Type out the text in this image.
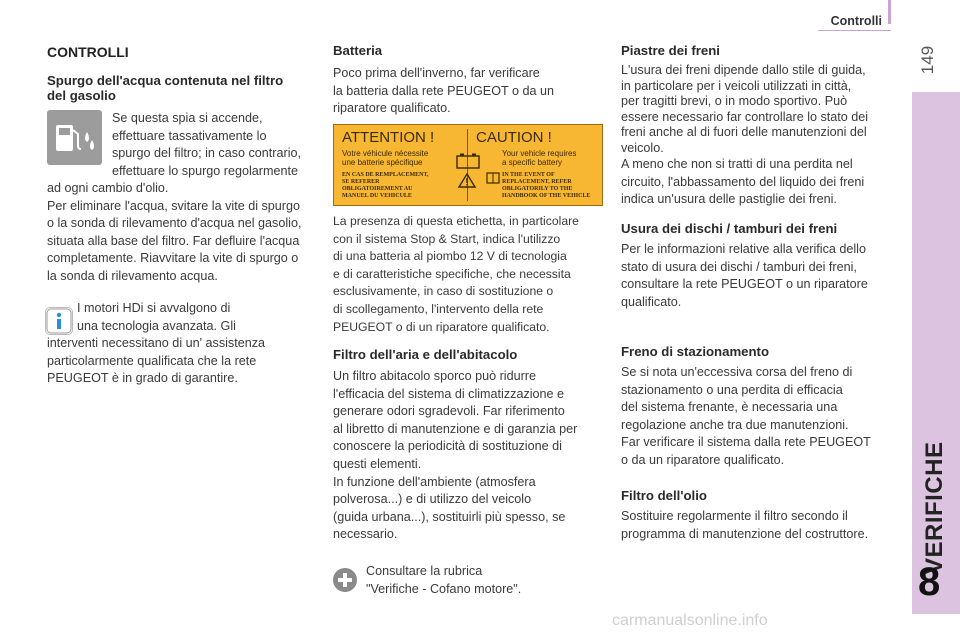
Controlli
149
VERIFICHE
8
CONTROLLI
Spurgo dell'acqua contenuta nel filtro
del gasolio
Se questa spia si accende,
effettuare tassativamente lo
spurgo del filtro; in caso contrario,
effettuare lo spurgo regolarmente
ad ogni cambio d'olio.
Per eliminare l'acqua, svitare la vite di spurgo
o la sonda di rilevamento d'acqua nel gasolio,
situata alla base del filtro. Far defluire l'acqua
completamente. Riavvitare la vite di spurgo o
la sonda di rilevamento acqua.
I motori HDi si avvalgono di
una tecnologia avanzata. Gli
interventi necessitano di un' assistenza
particolarmente qualificata che la rete
PEUGEOT è in grado di garantire.
Batteria
Poco prima dell'inverno, far verificare
la batteria dalla rete PEUGEOT o da un
riparatore qualificato.
ATTENTION !	CAUTION !
Votre véhicule nécessite
une batterie spécifique
Your vehicle requires
a specific battery
EN CAS DE REMPLACEMENT,
SE REFERER
OBLIGATOIREMENT AU
MANUEL DU VEHICULE
IN THE EVENT OF
REPLACEMENT, REFER
OBLIGATORILY TO THE
HANDBOOK OF THE VEHICLE
La presenza di questa etichetta, in particolare
con il sistema Stop & Start, indica l'utilizzo
di una batteria al piombo 12 V di tecnologia
e di caratteristiche specifiche, che necessita
esclusivamente, in caso di sostituzione o
di scollegamento, l'intervento della rete
PEUGEOT o di un riparatore qualificato.
Filtro dell'aria e dell'abitacolo
Un filtro abitacolo sporco può ridurre
l'efficacia del sistema di climatizzazione e
generare odori sgradevoli. Far riferimento
al libretto di manutenzione e di garanzia per
conoscere la periodicità di sostituzione di
questi elementi.
In funzione dell'ambiente (atmosfera
polverosa...) e di utilizzo del veicolo
(guida urbana...), sostituirli più spesso, se
necessario.
Consultare la rubrica
"Verifiche - Cofano motore".
Piastre dei freni
L'usura dei freni dipende dallo stile di guida,
in particolare per i veicoli utilizzati in città,
per tragitti brevi, o in modo sportivo. Può
essere necessario far controllare lo stato dei
freni anche al di fuori delle manutenzioni del
veicolo.
A meno che non si tratti di una perdita nel
circuito, l'abbassamento del liquido dei freni
indica un'usura delle pastiglie dei freni.
Usura dei dischi / tamburi dei freni
Per le informazioni relative alla verifica dello
stato di usura dei dischi / tamburi dei freni,
consultare la rete PEUGEOT o un riparatore
qualificato.
Freno di stazionamento
Se si nota un'eccessiva corsa del freno di
stazionamento o una perdita di efficacia
del sistema frenante, è necessaria una
regolazione anche tra due manutenzioni.
Far verificare il sistema dalla rete PEUGEOT
o da un riparatore qualificato.
Filtro dell'olio
Sostituire regolarmente il filtro secondo il
programma di manutenzione del costruttore.
carmanualsonline.info
